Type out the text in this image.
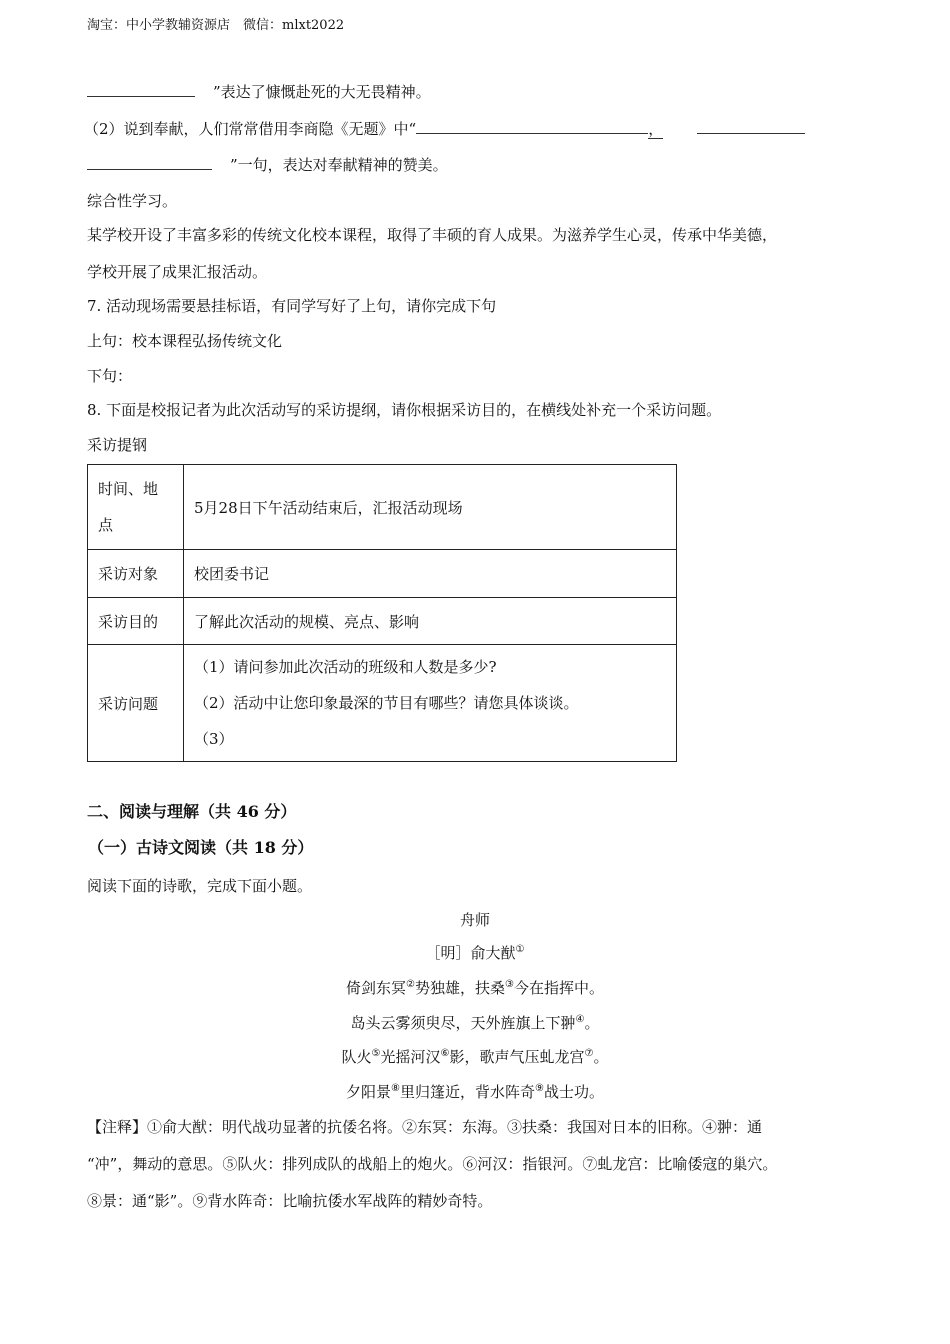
淘宝：中小学教辅资源店　微信：mlxt2022
”表达了慷慨赴死的大无畏精神。
（2）说到奉献，人们常常借用李商隐《无题》中“	，
”一句，表达对奉献精神的赞美。
综合性学习。
某学校开设了丰富多彩的传统文化校本课程，取得了丰硕的育人成果。为滋养学生心灵，传承中华美德，
学校开展了成果汇报活动。
7. 活动现场需要悬挂标语，有同学写好了上句，请你完成下句
上句：校本课程弘扬传统文化
下句：
8. 下面是校报记者为此次活动写的采访提纲，请你根据采访目的，在横线处补充一个采访问题。
采访提钢
时间、地
点	5月28日下午活动结束后，汇报活动现场
采访对象	校团委书记
采访目的	了解此次活动的规模、亮点、影响
采访问题	（1）请问参加此次活动的班级和人数是多少?
（2）活动中让您印象最深的节目有哪些？请您具体谈谈。
（3）
二、阅读与理解（共 46 分）
（一）古诗文阅读（共 18 分）
阅读下面的诗歌，完成下面小题。
舟师
［明］俞大猷①
倚剑东冥②势独雄，扶桑③今在指挥中。
岛头云雾须臾尽，天外旌旗上下翀④。
队火⑤光摇河汉⑥影，歌声气压虬龙宫⑦。
夕阳景⑧里归篷近，背水阵奇⑨战士功。
【注释】①俞大猷：明代战功显著的抗倭名将。②东冥：东海。③扶桑：我国对日本的旧称。④翀：通
“冲”，舞动的意思。⑤队火：排列成队的战船上的炮火。⑥河汉：指银河。⑦虬龙宫：比喻倭寇的巢穴。
⑧景：通“影”。⑨背水阵奇：比喻抗倭水军战阵的精妙奇特。
